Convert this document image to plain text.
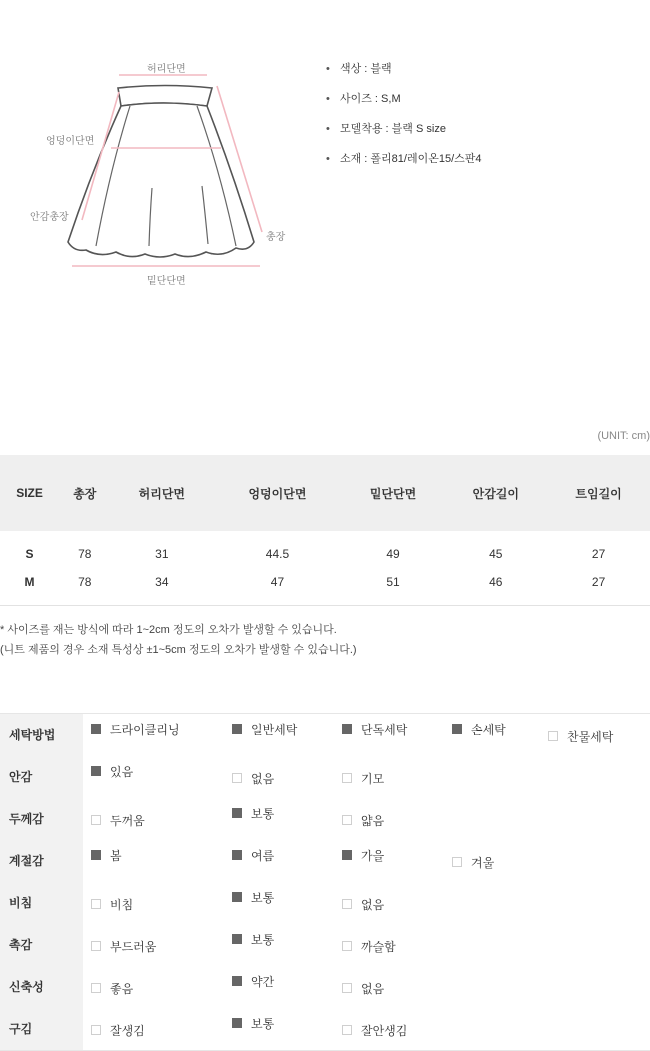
허리단면
엉덩이단면
안감총장
총장
밑단단면
• 색상 : 블랙
• 사이즈 : S,M
• 모델착용 : 블랙 S size
• 소재 : 폴리81/레이온15/스판4
(UNIT: cm)
SIZE	총장	허리단면	엉덩이단면	밑단단면	안감길이	트임길이
S	78	31	44.5	49	45	27
M	78	34	47	51	46	27
* 사이즈를 재는 방식에 따라 1~2cm 정도의 오차가 발생할 수 있습니다.
(니트 제품의 경우 소재 특성상 ±1~5cm 정도의 오차가 발생할 수 있습니다.)
세탁방법	드라이클리닝	일반세탁	단독세탁	손세탁	찬물세탁
안감	있음	없음	기모
두께감	두꺼움	보통	얇음
계절감	봄	여름	가을	겨울
비침	비침	보통	없음
촉감	부드러움	보통	까슬함
신축성	좋음	약간	없음
구김	잘생김	보통	잘안생김
